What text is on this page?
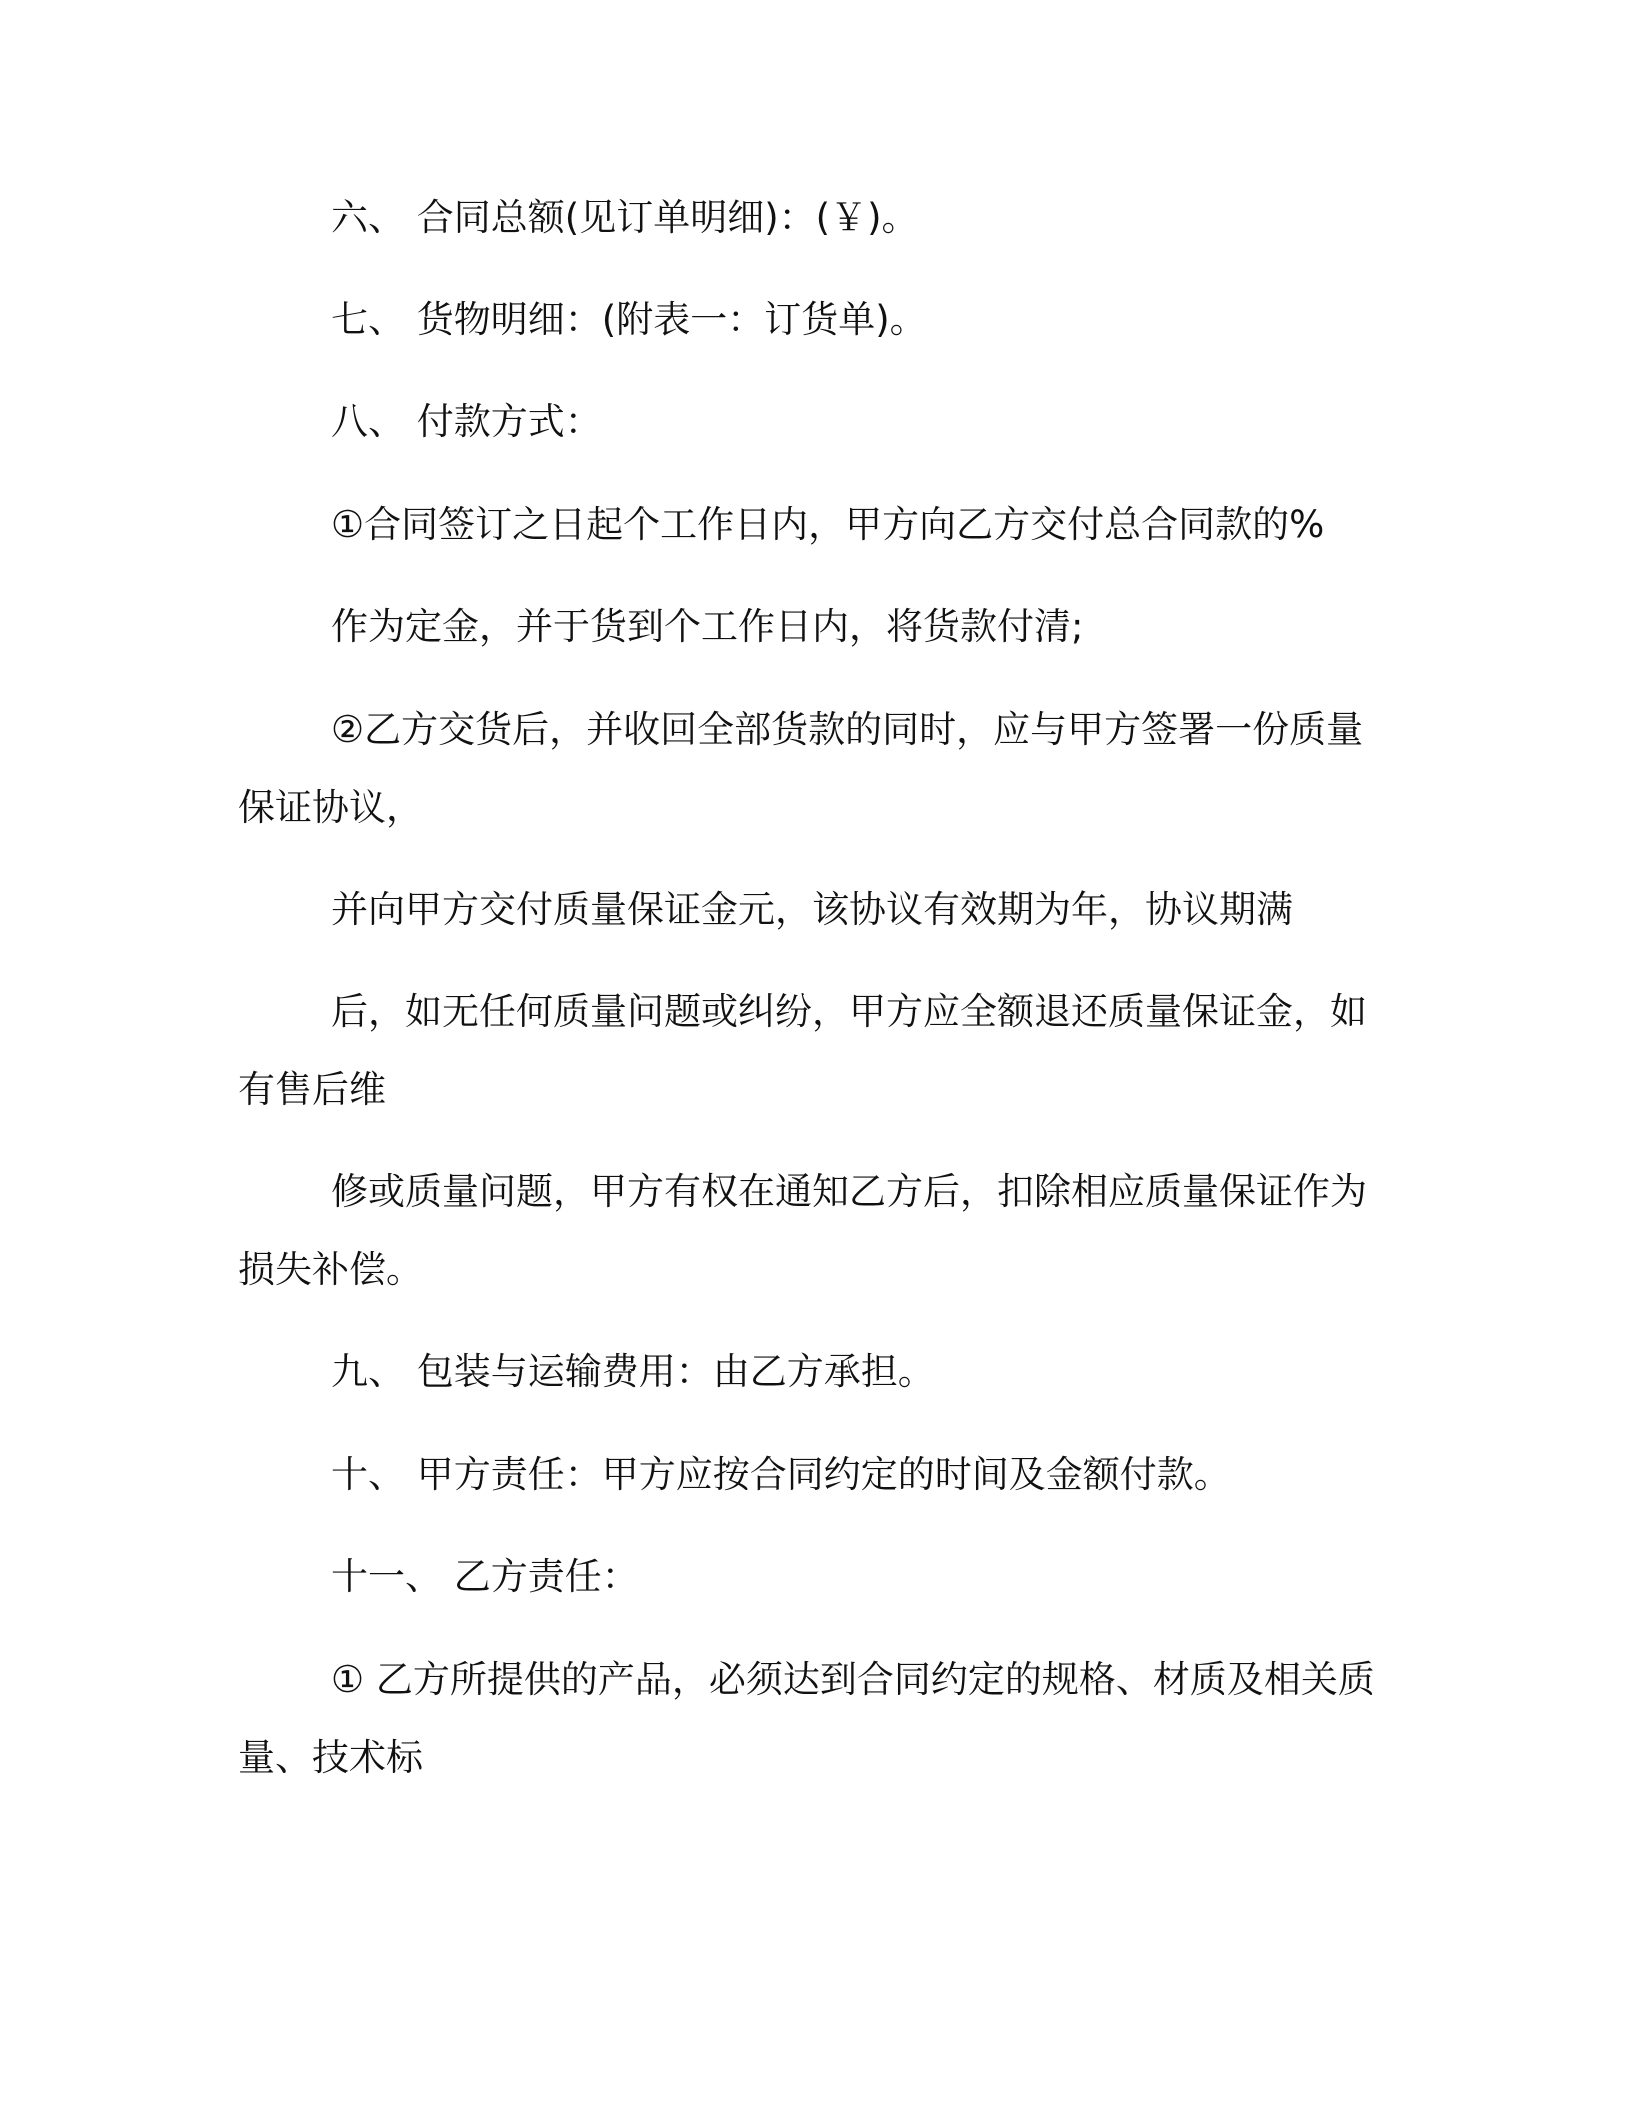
六、 合同总额(见订单明细)：(￥)。

七、 货物明细：(附表一：订货单)。

八、 付款方式：

①合同签订之日起个工作日内，甲方向乙方交付总合同款的%

作为定金，并于货到个工作日内，将货款付清;

②乙方交货后，并收回全部货款的同时，应与甲方签署一份质量

保证协议，

并向甲方交付质量保证金元，该协议有效期为年，协议期满

后，如无任何质量问题或纠纷，甲方应全额退还质量保证金，如

有售后维

修或质量问题，甲方有权在通知乙方后，扣除相应质量保证作为

损失补偿。

九、 包装与运输费用：由乙方承担。

十、 甲方责任：甲方应按合同约定的时间及金额付款。

十一、 乙方责任：

① 乙方所提供的产品，必须达到合同约定的规格、材质及相关质

量、技术标
